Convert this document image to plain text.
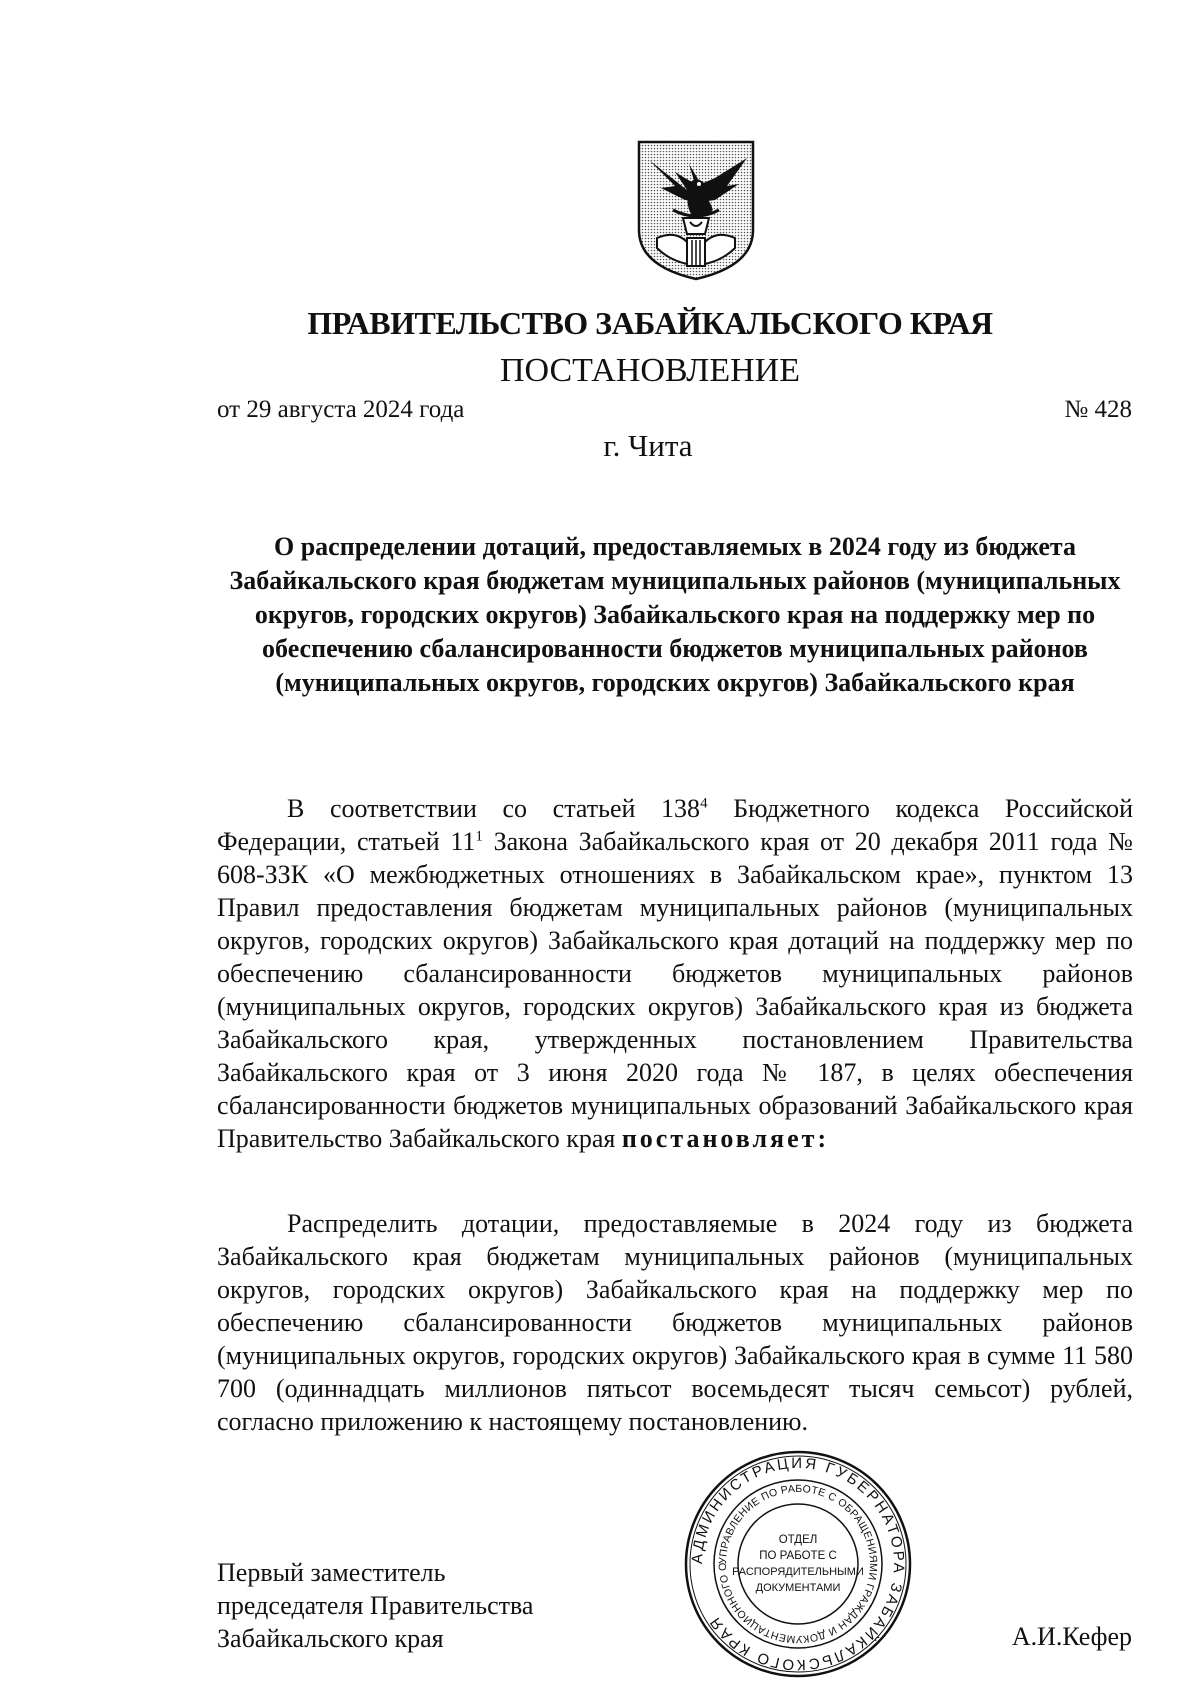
ПРАВИТЕЛЬСТВО ЗАБАЙКАЛЬСКОГО КРАЯ
ПОСТАНОВЛЕНИЕ
от 29 августа 2024 года	№ 428
г. Чита
О распределении дотаций, предоставляемых в 2024 году из бюджета Забайкальского края бюджетам муниципальных районов (муниципальных округов, городских округов) Забайкальского края на поддержку мер по обеспечению сбалансированности бюджетов муниципальных районов (муниципальных округов, городских округов) Забайкальского края
В соответствии со статьей $138^4$ Бюджетного кодекса Российской Федерации, статьей $11^1$ Закона Забайкальского края от 20 декабря 2011 года № 608-ЗЗК «О межбюджетных отношениях в Забайкальском крае», пунктом 13 Правил предоставления бюджетам муниципальных районов (муниципальных округов, городских округов) Забайкальского края дотаций на поддержку мер по обеспечению сбалансированности бюджетов муниципальных районов (муниципальных округов, городских округов) Забайкальского края из бюджета Забайкальского края, утвержденных постановлением Правительства Забайкальского края от 3 июня 2020 года № 187, в целях обеспечения сбалансированности бюджетов муниципальных образований Забайкальского края Правительство Забайкальского края постановляет:
Распределить дотации, предоставляемые в 2024 году из бюджета Забайкальского края бюджетам муниципальных районов (муниципальных округов, городских округов) Забайкальского края на поддержку мер по обеспечению сбалансированности бюджетов муниципальных районов (муниципальных округов, городских округов) Забайкальского края в сумме 11 580 700 (одиннадцать миллионов пятьсот восемьдесят тысяч семьсот) рублей, согласно приложению к настоящему постановлению.
Первый заместитель
председателя Правительства
Забайкальского края	А.И.Кефер
АДМИНИСТРАЦИЯ ГУБЕРНАТОРА ЗАБАЙКАЛЬСКОГО КРАЯ
УПРАВЛЕНИЕ ПО РАБОТЕ С ОБРАЩЕНИЯМИ ГРАЖДАН И ДОКУМЕНТАЦИОННОГО О
ОТДЕЛ
ПО РАБОТЕ С
РАСПОРЯДИТЕЛЬНЫМИ
ДОКУМЕНТАМИ
